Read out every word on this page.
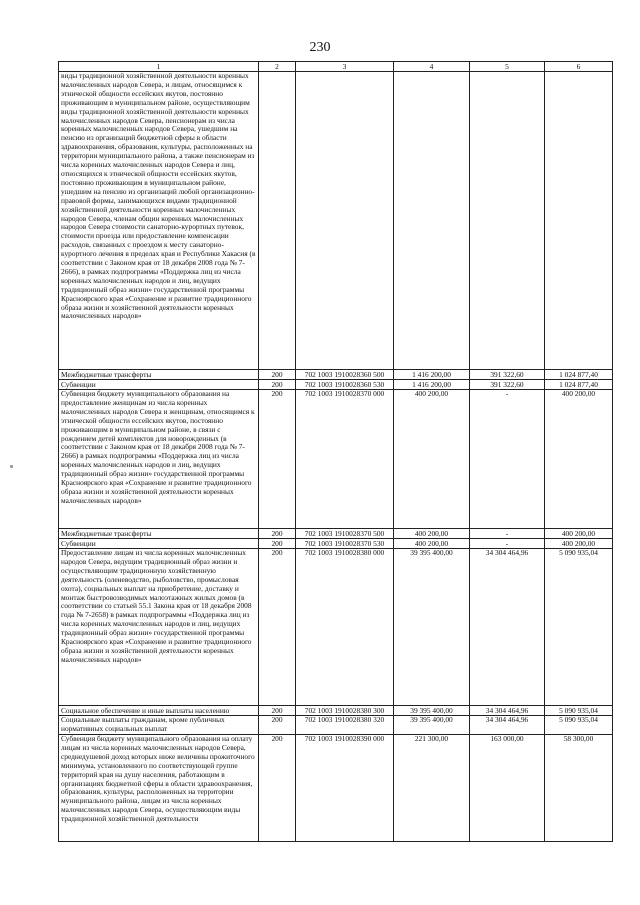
230
1	2	3	4	5	6
виды традиционной хозяйственной деятельности коренных малочисленных народов Севера, и лицам, относящимся к этнической общности ессейских якутов, постоянно проживающим в муниципальном районе, осуществляющим виды традиционной хозяйственной деятельности коренных малочисленных народов Севера, пенсионерам из числа коренных малочисленных народов Севера, ушедшим на пенсию из организаций бюджетной сферы в области здравоохранения, образования, культуры, расположенных на территории муниципального района, а также пенсионерам из числа коренных малочисленных народов Севера и лиц, относящихся к этнической общности ессейских якутов, постоянно проживающим в муниципальном районе, ушедшим на пенсию из организаций любой организационно-правовой формы, занимающихся видами традиционной хозяйственной деятельности коренных малочисленных народов Севера, членам общин коренных малочисленных народов Севера стоимости санаторно-курортных путевок, стоимости проезда или предоставление компенсации расходов, связанных с проездом к месту санаторно-курортного лечения в пределах края и Республики Хакасия (в соответствии с Законом края от 18 декабря 2008 года № 7-2666), в рамках подпрограммы «Поддержка лиц из числа коренных малочисленных народов и лиц, ведущих традиционный образ жизни» государственной программы Красноярского края «Сохранение и развитие традиционного образа жизни и хозяйственной деятельности коренных малочисленных народов»					
Межбюджетные трансферты	200	702 1003 1910028360 500	1 416 200,00	391 322,60	1 024 877,40
Субвенции	200	702 1003 1910028360 530	1 416 200,00	391 322,60	1 024 877,40
Субвенция бюджету муниципального образования на предоставление женщинам из числа коренных малочисленных народов Севера и женщинам, относящимся к этнической общности ессейских якутов, постоянно проживающим в муниципальном районе, в связи с рождением детей комплектов для новорожденных (в соответствии с Законом края от 18 декабря 2008 года № 7-2666) в рамках подпрограммы «Поддержка лиц из числа коренных малочисленных народов и лиц, ведущих традиционный образ жизни» государственной программы Красноярского края «Сохранение и развитие традиционного образа жизни и хозяйственной деятельности коренных малочисленных народов»	200	702 1003 1910028370 000	400 200,00	-	400 200,00
Межбюджетные трансферты	200	702 1003 1910028370 500	400 200,00	-	400 200,00
Субвенции	200	702 1003 1910028370 530	400 200,00	-	400 200,00
Предоставление лицам из числа коренных малочисленных народов Севера, ведущим традиционный образ жизни и осуществляющим традиционную хозяйственную деятельность (оленеводство, рыболовство, промысловая охота), социальных выплат на приобретение, доставку и монтаж быстровозводимых малоэтажных жилых домов (в соответствии со статьей 55.1 Закона края от 18 декабря 2008 года № 7-2658) в рамках подпрограммы «Поддержка лиц из числа коренных малочисленных народов и лиц, ведущих традиционный образ жизни» государственной программы Красноярского края «Сохранение и развитие традиционного образа жизни и хозяйственной деятельности коренных малочисленных народов»	200	702 1003 1910028380 000	39 395 400,00	34 304 464,96	5 090 935,04
Социальное обеспечение и иные выплаты населению	200	702 1003 1910028380 300	39 395 400,00	34 304 464,96	5 090 935,04
Социальные выплаты гражданам, кроме публичных нормативных социальных выплат	200	702 1003 1910028380 320	39 395 400,00	34 304 464,96	5 090 935,04
Субвенция бюджету муниципального образования на оплату лицам из числа коренных малочисленных народов Севера, среднедушевой доход которых ниже величины прожиточного минимума, установленного по соответствующей группе территорий края на душу населения, работающим в организациях бюджетной сферы в области здравоохранения, образования, культуры, расположенных на территории муниципального района, лицам из числа коренных малочисленных народов Севера, осуществляющим виды традиционной хозяйственной деятельности	200	702 1003 1910028390 000	221 300,00	163 000,00	58 300,00
